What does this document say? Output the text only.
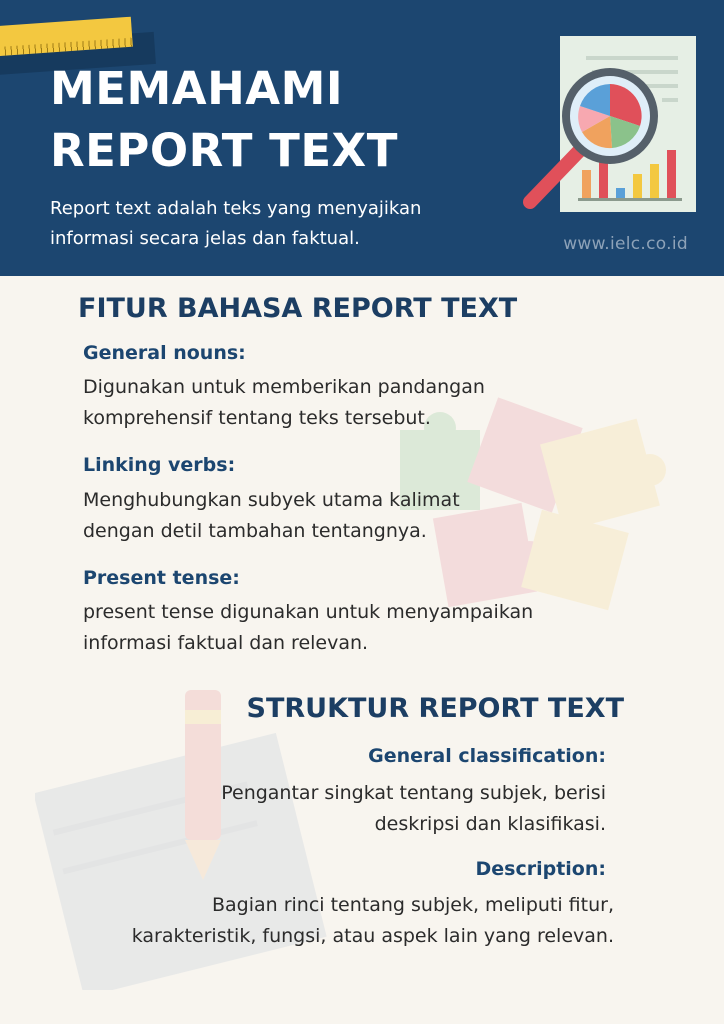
MEMAHAMI
REPORT TEXT

Report text adalah teks yang menyajikan informasi secara jelas dan faktual.	www.ielc.co.id
FITUR BAHASA REPORT TEXT
General nouns:
Digunakan untuk memberikan pandangan
komprehensif tentang teks tersebut.
Linking verbs:
Menghubungkan subyek utama kalimat
dengan detil tambahan tentangnya.
Present tense:
present tense digunakan untuk menyampaikan
informasi faktual dan relevan.
STRUKTUR REPORT TEXT
General classification:
Pengantar singkat tentang subjek, berisi
deskripsi dan klasifikasi.
Description:
Bagian rinci tentang subjek, meliputi fitur,
karakteristik, fungsi, atau aspek lain yang relevan.
